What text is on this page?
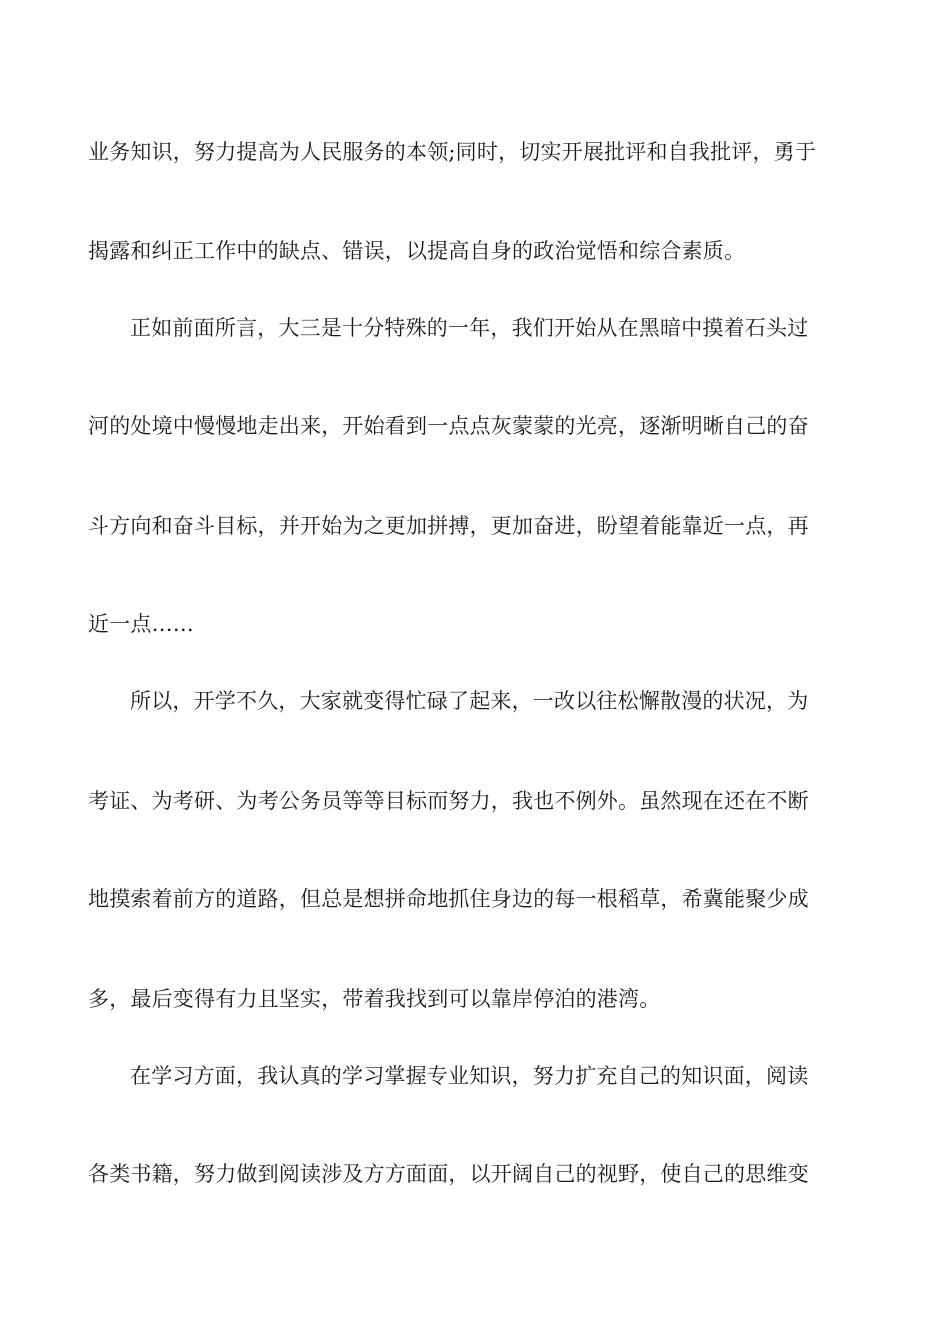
业务知识，努力提高为人民服务的本领;同时，切实开展批评和自我批评，勇于
揭露和纠正工作中的缺点、错误，以提高自身的政治觉悟和综合素质。
正如前面所言，大三是十分特殊的一年，我们开始从在黑暗中摸着石头过
河的处境中慢慢地走出来，开始看到一点点灰蒙蒙的光亮，逐渐明晰自己的奋
斗方向和奋斗目标，并开始为之更加拼搏，更加奋进，盼望着能靠近一点，再
近一点……
所以，开学不久，大家就变得忙碌了起来，一改以往松懈散漫的状况，为
考证、为考研、为考公务员等等目标而努力，我也不例外。虽然现在还在不断
地摸索着前方的道路，但总是想拼命地抓住身边的每一根稻草，希冀能聚少成
多，最后变得有力且坚实，带着我找到可以靠岸停泊的港湾。
在学习方面，我认真的学习掌握专业知识，努力扩充自己的知识面，阅读
各类书籍，努力做到阅读涉及方方面面，以开阔自己的视野，使自己的思维变
